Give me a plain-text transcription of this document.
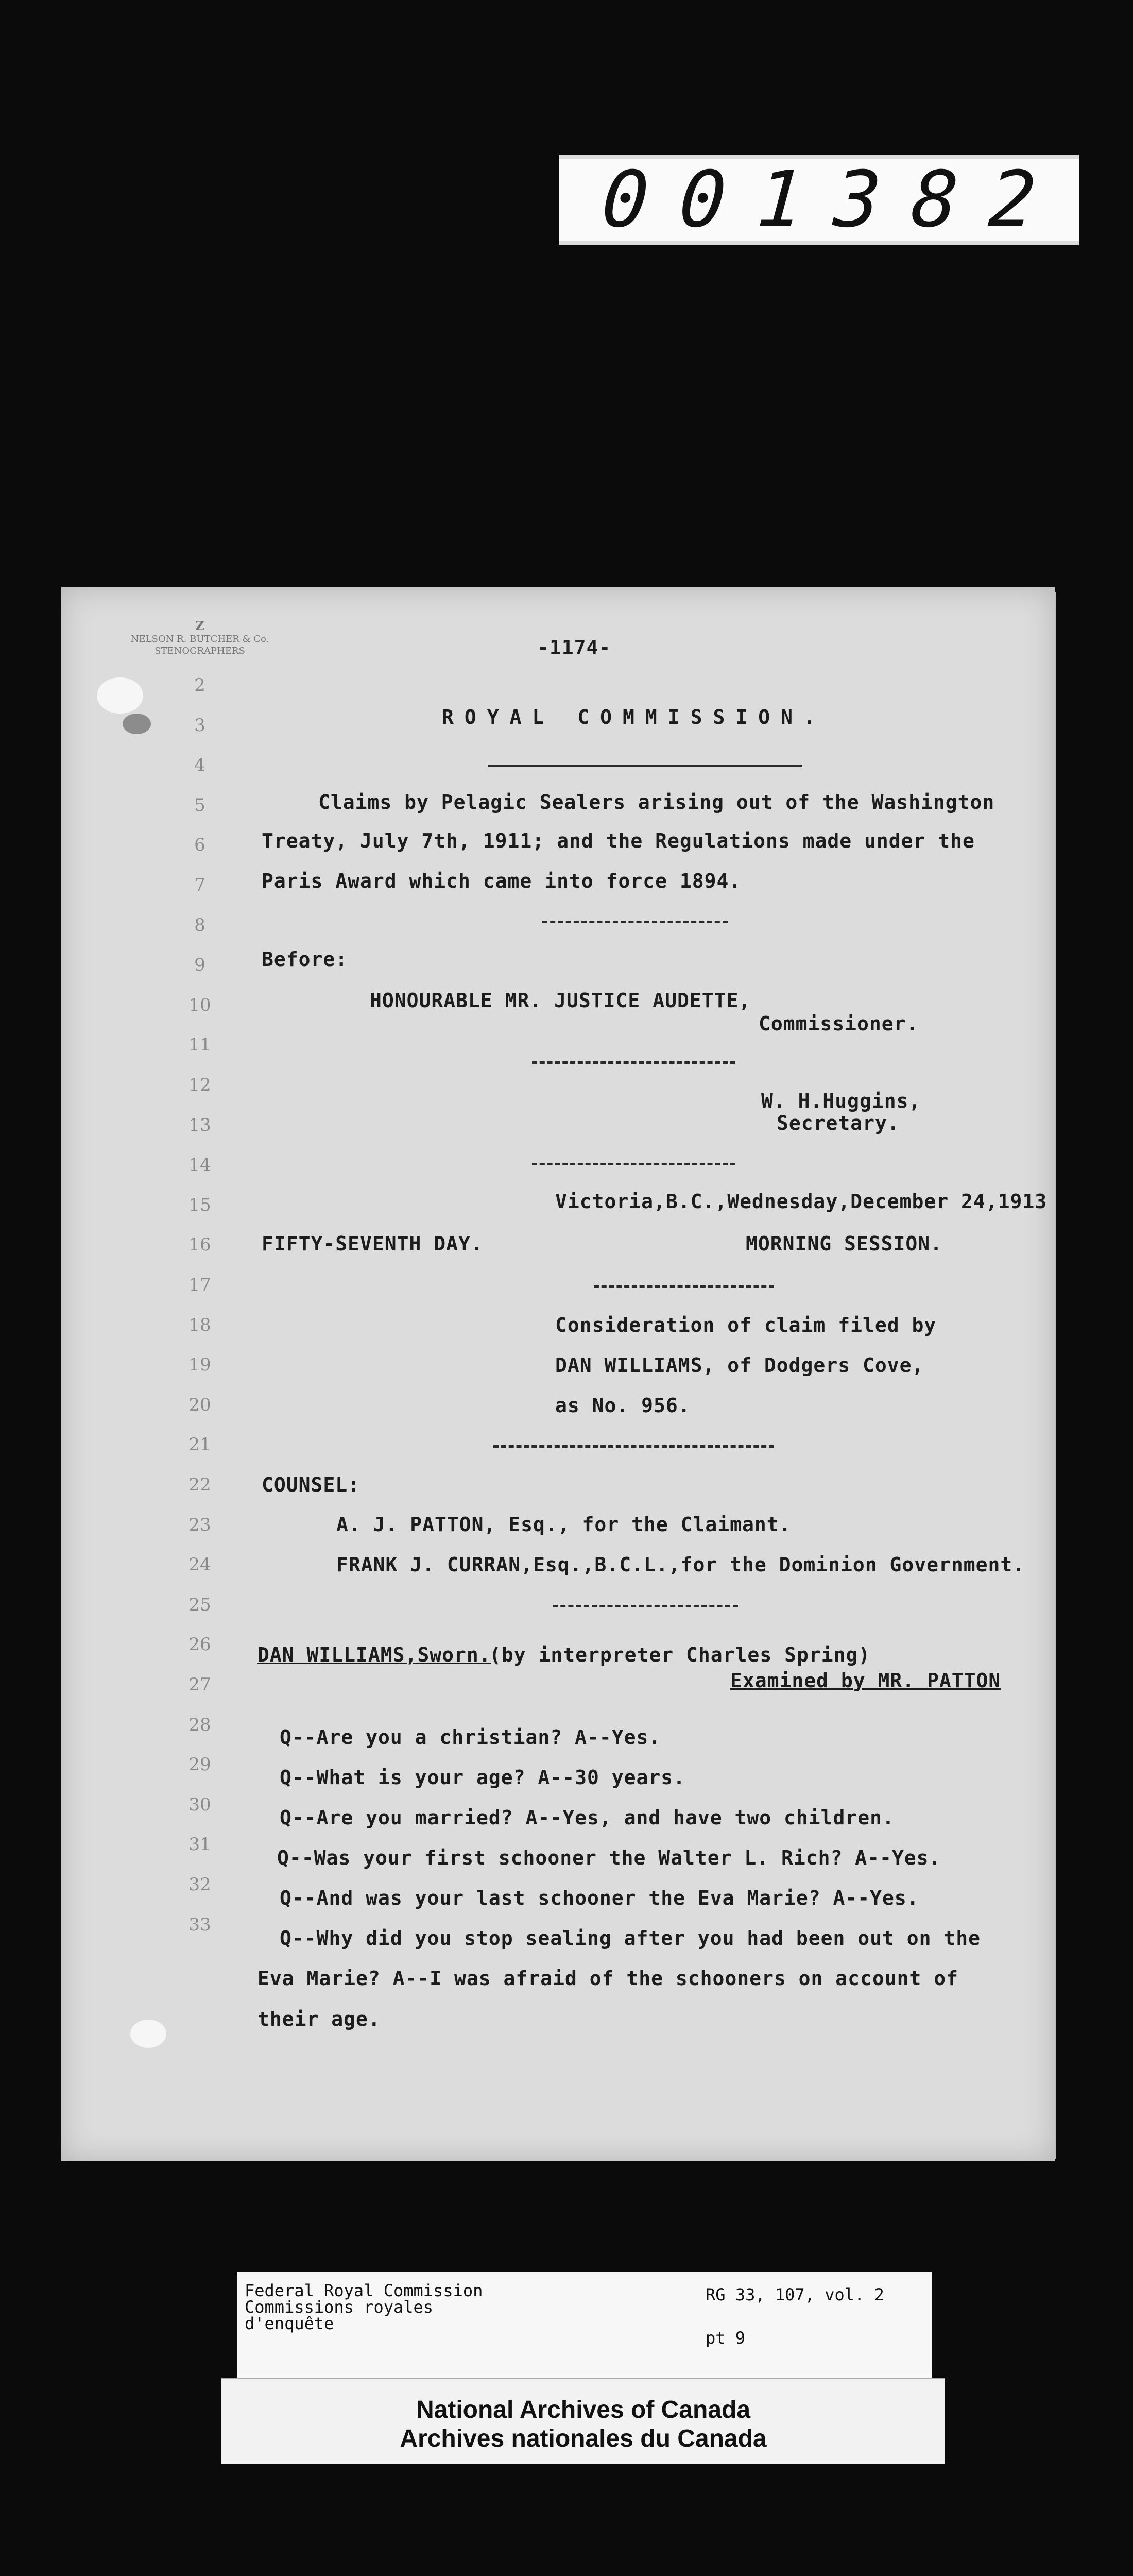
001382
Z
NELSON R. BUTCHER & Co.
STENOGRAPHERS
2
3
4
5
6
7
8
9
10
11
12
13
14
15
16
17
18
19
20
21
22
23
24
25
26
27
28
29
30
31
32
33
-1174-
ROYAL COMMISSION.
Claims by Pelagic Sealers arising out of the Washington
Treaty, July 7th, 1911; and the Regulations made under the
Paris Award which came into force 1894.
Before:
HONOURABLE MR. JUSTICE AUDETTE,
Commissioner.
W. H.Huggins,
Secretary.
Victoria,B.C.,Wednesday,December 24,1913
FIFTY-SEVENTH DAY.	MORNING SESSION.
Consideration of claim filed by
DAN WILLIAMS, of Dodgers Cove,
as No. 956.
COUNSEL:
A. J. PATTON, Esq., for the Claimant.
FRANK J. CURRAN,Esq.,B.C.L.,for the Dominion Government.
DAN WILLIAMS,Sworn.
(by interpreter Charles Spring)
Examined by MR. PATTON
Q--Are you a christian? A--Yes.
Q--What is your age? A--30 years.
Q--Are you married? A--Yes, and have two children.
Q--Was your first schooner the Walter L. Rich? A--Yes.
Q--And was your last schooner the Eva Marie? A--Yes.
Q--Why did you stop sealing after you had been out on the
Eva Marie? A--I was afraid of the schooners on account of
their age.
Federal Royal Commission
Commissions royales
d'enquête
RG 33, 107, vol. 2
pt 9
National Archives of Canada
Archives nationales du Canada
